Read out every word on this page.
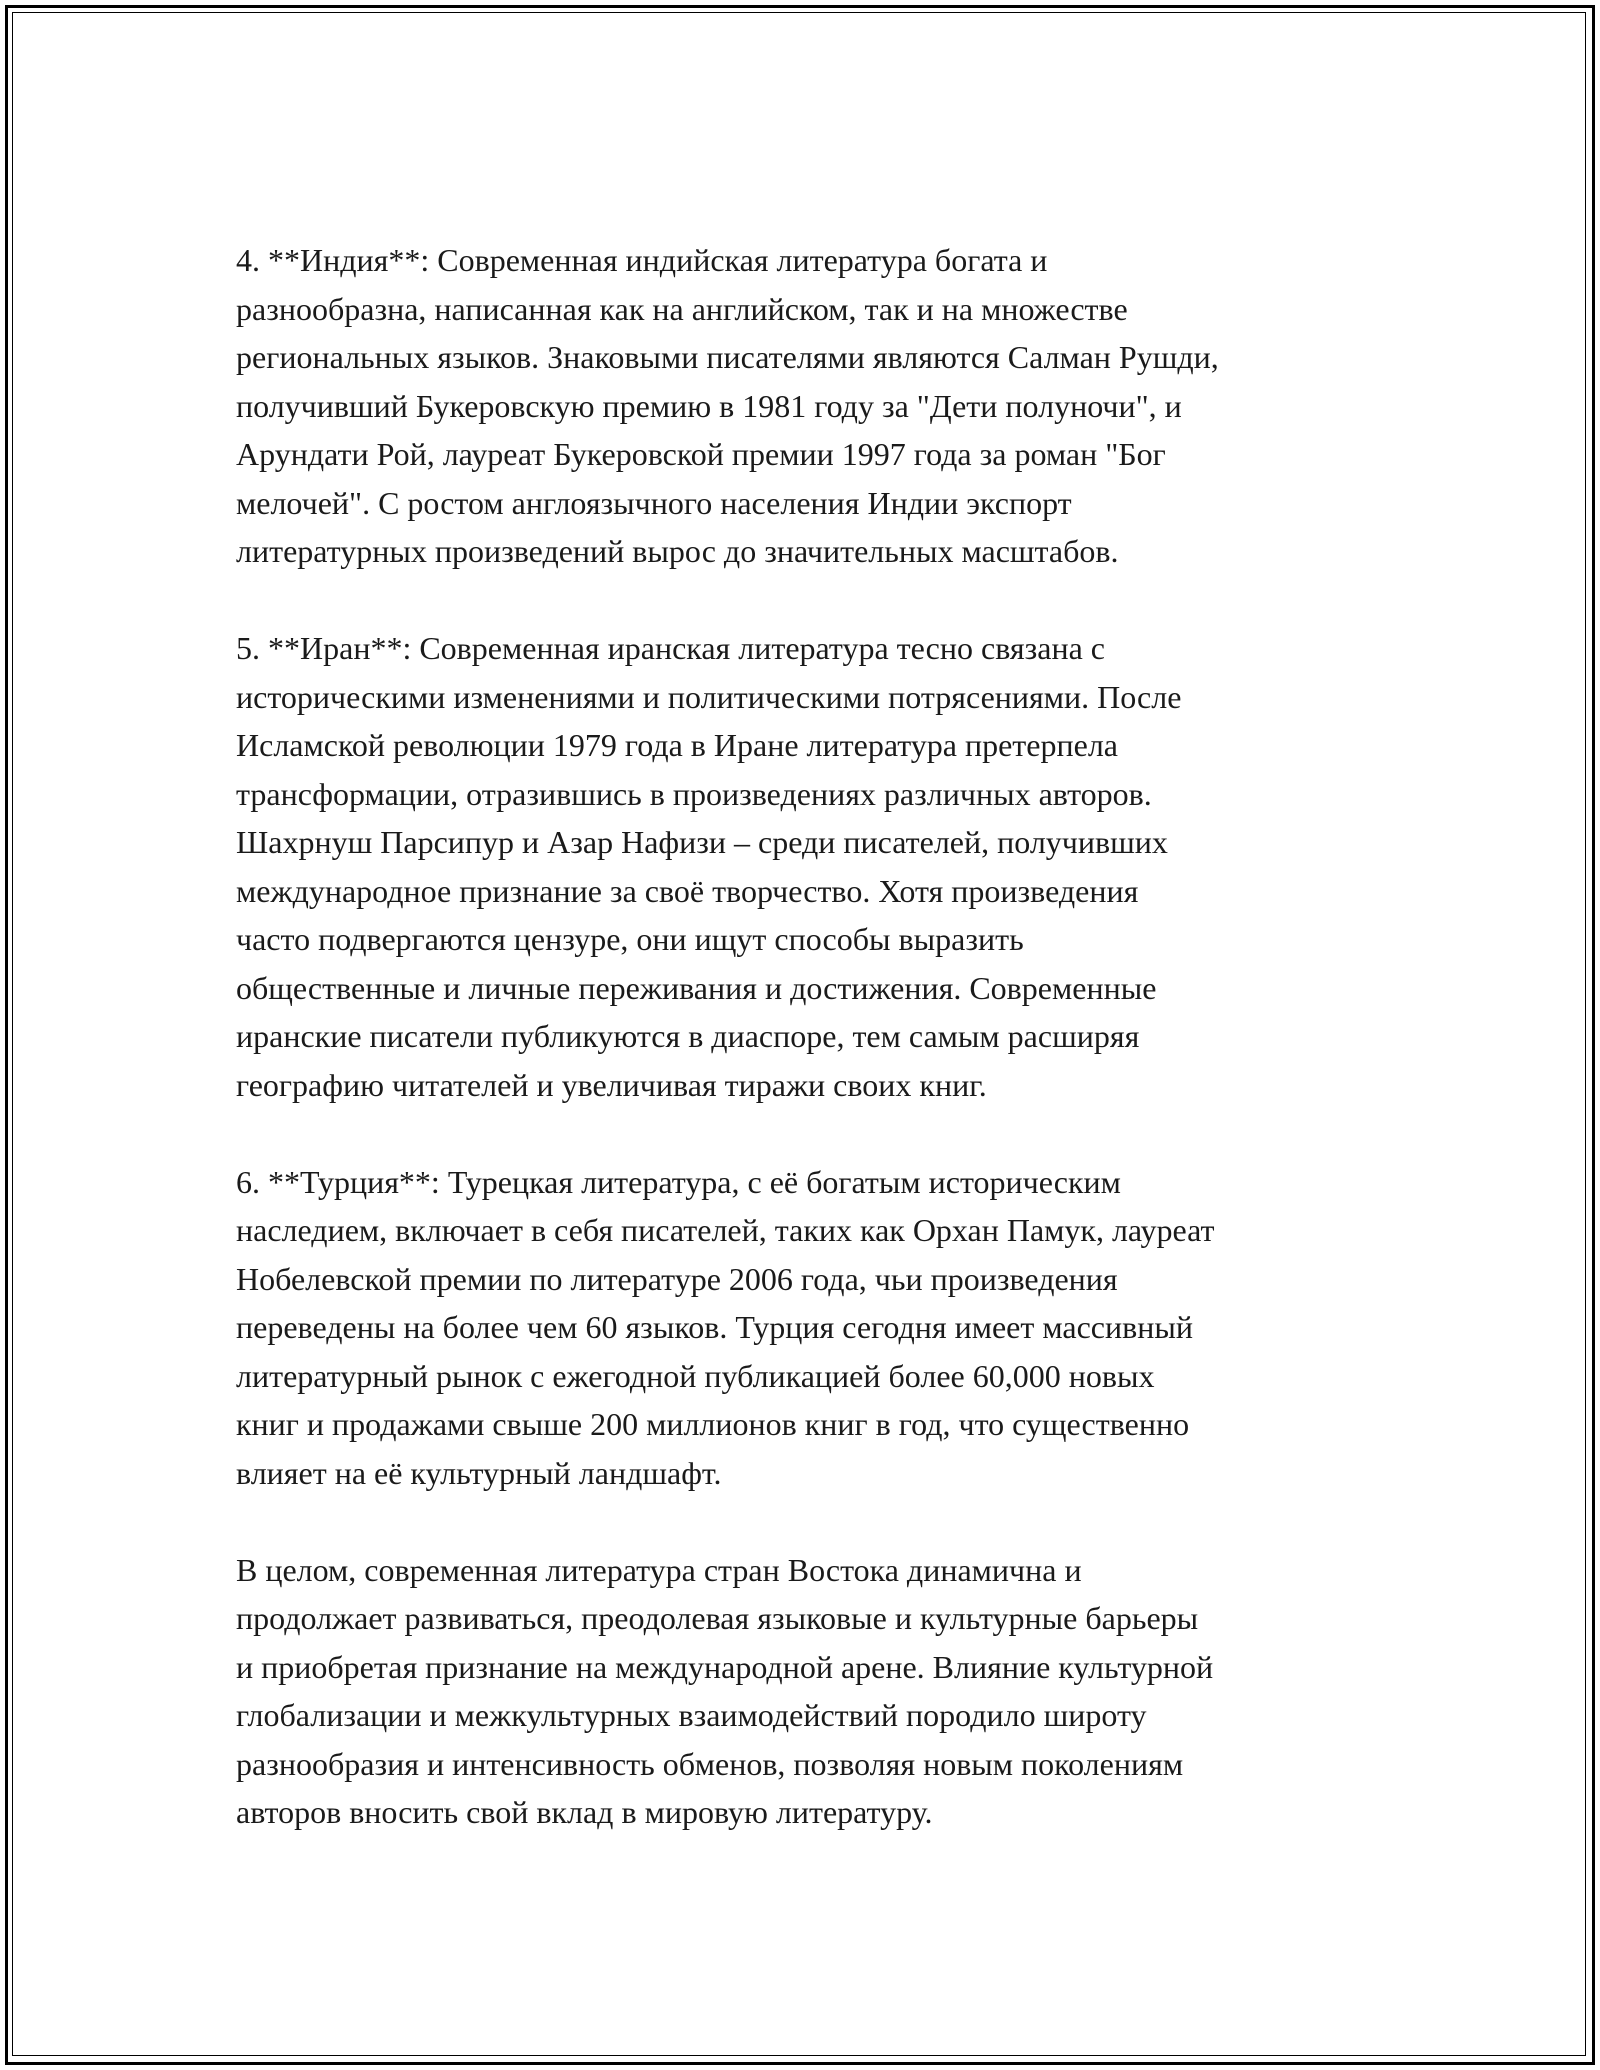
4. **Индия**: Современная индийская литература богата и
разнообразна, написанная как на английском, так и на множестве
региональных языков. Знаковыми писателями являются Салман Рушди,
получивший Букеровскую премию в 1981 году за "Дети полуночи", и
Арундати Рой, лауреат Букеровской премии 1997 года за роман "Бог
мелочей". С ростом англоязычного населения Индии экспорт
литературных произведений вырос до значительных масштабов.

5. **Иран**: Современная иранская литература тесно связана с
историческими изменениями и политическими потрясениями. После
Исламской революции 1979 года в Иране литература претерпела
трансформации, отразившись в произведениях различных авторов.
Шахрнуш Парсипур и Азар Нафизи – среди писателей, получивших
международное признание за своё творчество. Хотя произведения
часто подвергаются цензуре, они ищут способы выразить
общественные и личные переживания и достижения. Современные
иранские писатели публикуются в диаспоре, тем самым расширяя
географию читателей и увеличивая тиражи своих книг.

6. **Турция**: Турецкая литература, с её богатым историческим
наследием, включает в себя писателей, таких как Орхан Памук, лауреат
Нобелевской премии по литературе 2006 года, чьи произведения
переведены на более чем 60 языков. Турция сегодня имеет массивный
литературный рынок с ежегодной публикацией более 60,000 новых
книг и продажами свыше 200 миллионов книг в год, что существенно
влияет на её культурный ландшафт.

В целом, современная литература стран Востока динамична и
продолжает развиваться, преодолевая языковые и культурные барьеры
и приобретая признание на международной арене. Влияние культурной
глобализации и межкультурных взаимодействий породило широту
разнообразия и интенсивность обменов, позволяя новым поколениям
авторов вносить свой вклад в мировую литературу.
